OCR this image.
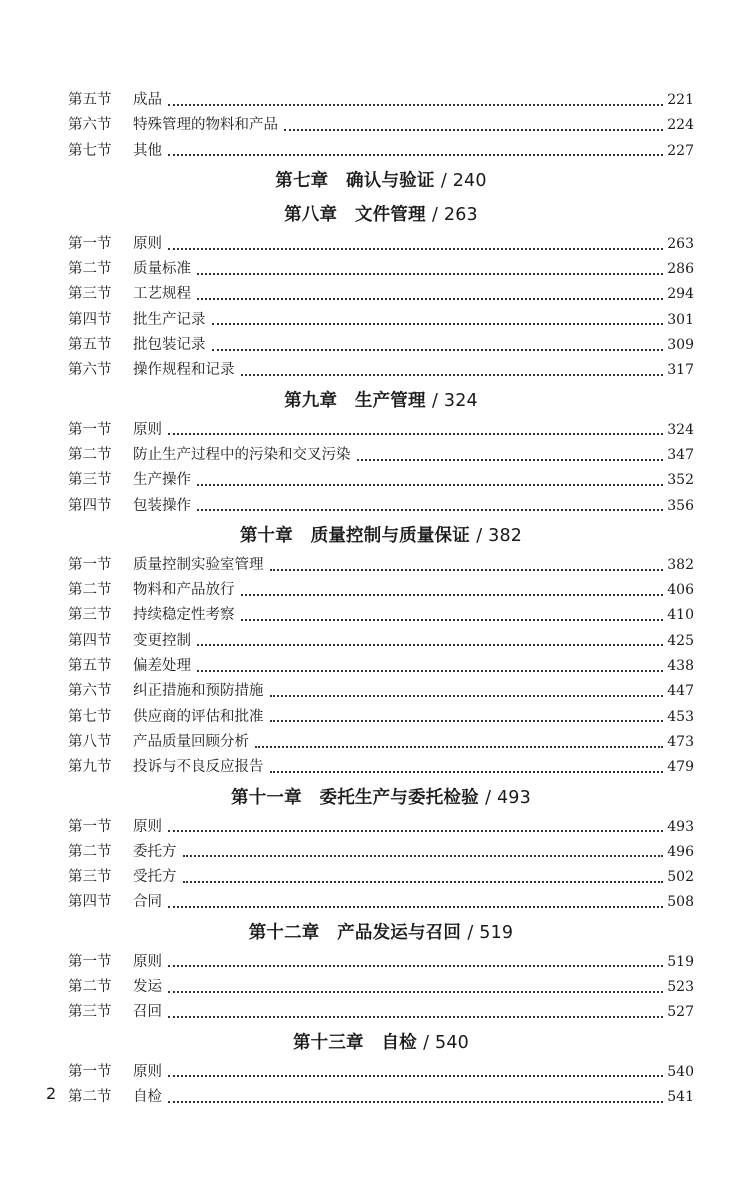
第五节	成品	221
第六节	特殊管理的物料和产品	224
第七节	其他	227
第七章　确认与验证 / 240
第八章　文件管理 / 263
第一节	原则	263
第二节	质量标准	286
第三节	工艺规程	294
第四节	批生产记录	301
第五节	批包装记录	309
第六节	操作规程和记录	317
第九章　生产管理 / 324
第一节	原则	324
第二节	防止生产过程中的污染和交叉污染	347
第三节	生产操作	352
第四节	包装操作	356
第十章　质量控制与质量保证 / 382
第一节	质量控制实验室管理	382
第二节	物料和产品放行	406
第三节	持续稳定性考察	410
第四节	变更控制	425
第五节	偏差处理	438
第六节	纠正措施和预防措施	447
第七节	供应商的评估和批准	453
第八节	产品质量回顾分析	473
第九节	投诉与不良反应报告	479
第十一章　委托生产与委托检验 / 493
第一节	原则	493
第二节	委托方	496
第三节	受托方	502
第四节	合同	508
第十二章　产品发运与召回 / 519
第一节	原则	519
第二节	发运	523
第三节	召回	527
第十三章　自检 / 540
第一节	原则	540
第二节	自检	541
2
